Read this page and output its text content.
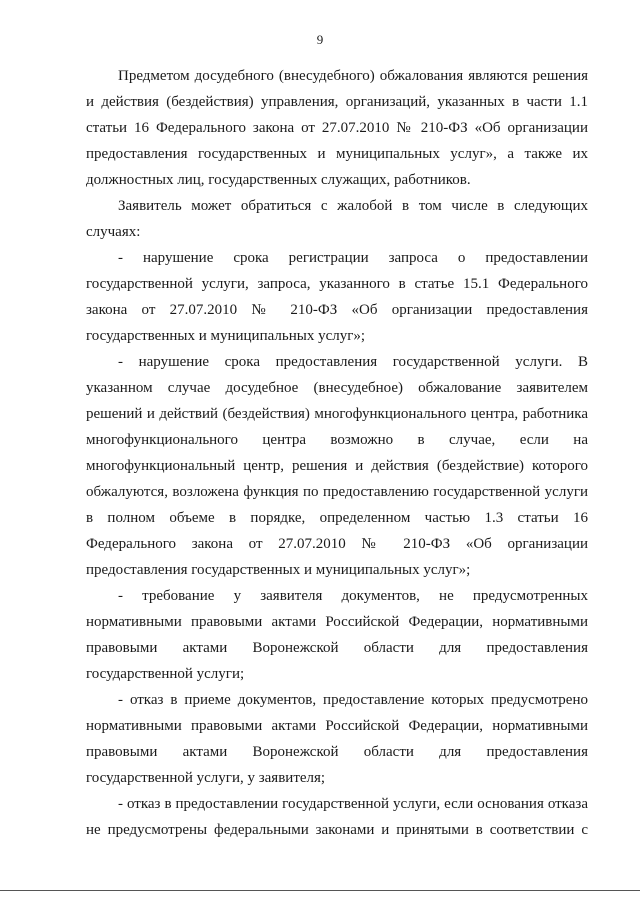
9
Предметом досудебного (внесудебного) обжалования являются решения
и действия (бездействия) управления, организаций, указанных в части 1.1
статьи 16 Федерального закона от 27.07.2010 № 210-ФЗ «Об организации
предоставления государственных и муниципальных услуг», а также их
должностных лиц, государственных служащих, работников.
Заявитель может обратиться с жалобой в том числе в следующих
случаях:
- нарушение срока регистрации запроса о предоставлении
государственной услуги, запроса, указанного в статье 15.1 Федерального
закона от 27.07.2010 № 210-ФЗ «Об организации предоставления
государственных и муниципальных услуг»;
- нарушение срока предоставления государственной услуги. В
указанном случае досудебное (внесудебное) обжалование заявителем
решений и действий (бездействия) многофункционального центра, работника
многофункционального центра возможно в случае, если на
многофункциональный центр, решения и действия (бездействие) которого
обжалуются, возложена функция по предоставлению государственной услуги
в полном объеме в порядке, определенном частью 1.3 статьи 16
Федерального закона от 27.07.2010 № 210-ФЗ «Об организации
предоставления государственных и муниципальных услуг»;
- требование у заявителя документов, не предусмотренных
нормативными правовыми актами Российской Федерации, нормативными
правовыми актами Воронежской области для предоставления
государственной услуги;
- отказ в приеме документов, предоставление которых предусмотрено
нормативными правовыми актами Российской Федерации, нормативными
правовыми актами Воронежской области для предоставления
государственной услуги, у заявителя;
- отказ в предоставлении государственной услуги, если основания отказа
не предусмотрены федеральными законами и принятыми в соответствии с
